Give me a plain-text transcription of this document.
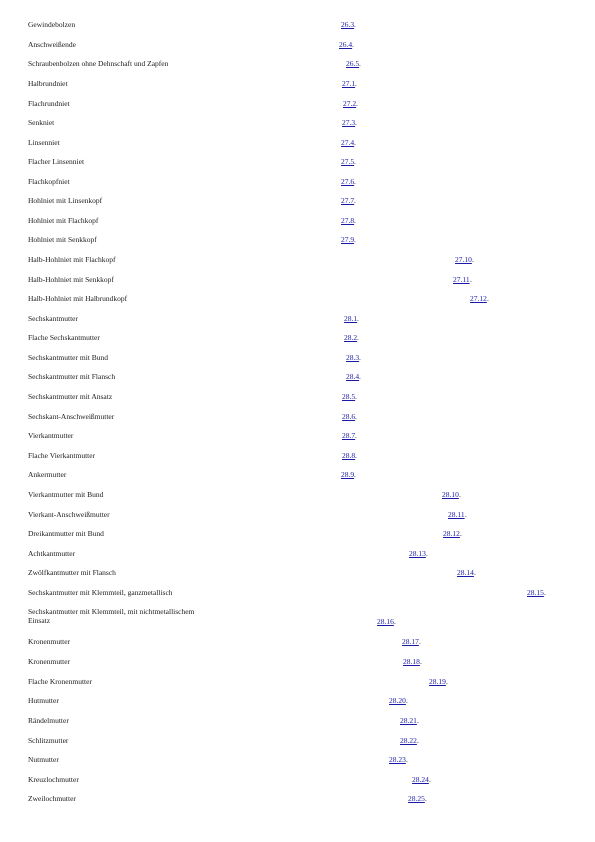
Gewindebolzen	26.3 .
Anschweißende	26.4 .
Schraubenbolzen ohne Dehnschaft und Zapfen	26.5 .
Halbrundniet	27.1 .
Flachrundniet	27.2 .
Senkniet	27.3 .
Linsenniet	27.4 .
Flacher Linsenniet	27.5 .
Flachkopfniet	27.6 .
Hohlniet mit Linsenkopf	27.7 .
Hohlniet mit Flachkopf	27.8 .
Hohlniet mit Senkkopf	27.9 .
Halb-Hohlniet mit Flachkopf	27.10 .
Halb-Hohlniet mit Senkkopf	27.11 .
Halb-Hohlniet mit Halbrundkopf	27.12 .
Sechskantmutter	28.1 .
Flache Sechskantmutter	28.2 .
Sechskantmutter mit Bund	28.3 .
Sechskantmutter mit Flansch	28.4 .
Sechskantmutter mit Ansatz	28.5 .
Sechskant-Anschweißmutter	28.6 .
Vierkantmutter	28.7 .
Flache Vierkantmutter	28.8 .
Ankermutter	28.9 .
Vierkantmutter mit Bund	28.10 .
Vierkant-Anschweißmutter	28.11 .
Dreikantmutter mit Bund	28.12 .
Achtkantmutter	28.13 .
Zwölfkantmutter mit Flansch	28.14 .
Sechskantmutter mit Klemmteil, ganzmetallisch	28.15 .
Sechskantmutter mit Klemmteil, mit nichtmetallischem
Einsatz	28.16 .
Kronenmutter	28.17 .
Kronenmutter	28.18 .
Flache Kronenmutter	28.19 .
Hutmutter	28.20 .
Rändelmutter	28.21 .
Schlitzmutter	28.22 .
Nutmutter	28.23 .
Kreuzlochmutter	28.24 .
Zweilochmutter	28.25 .
